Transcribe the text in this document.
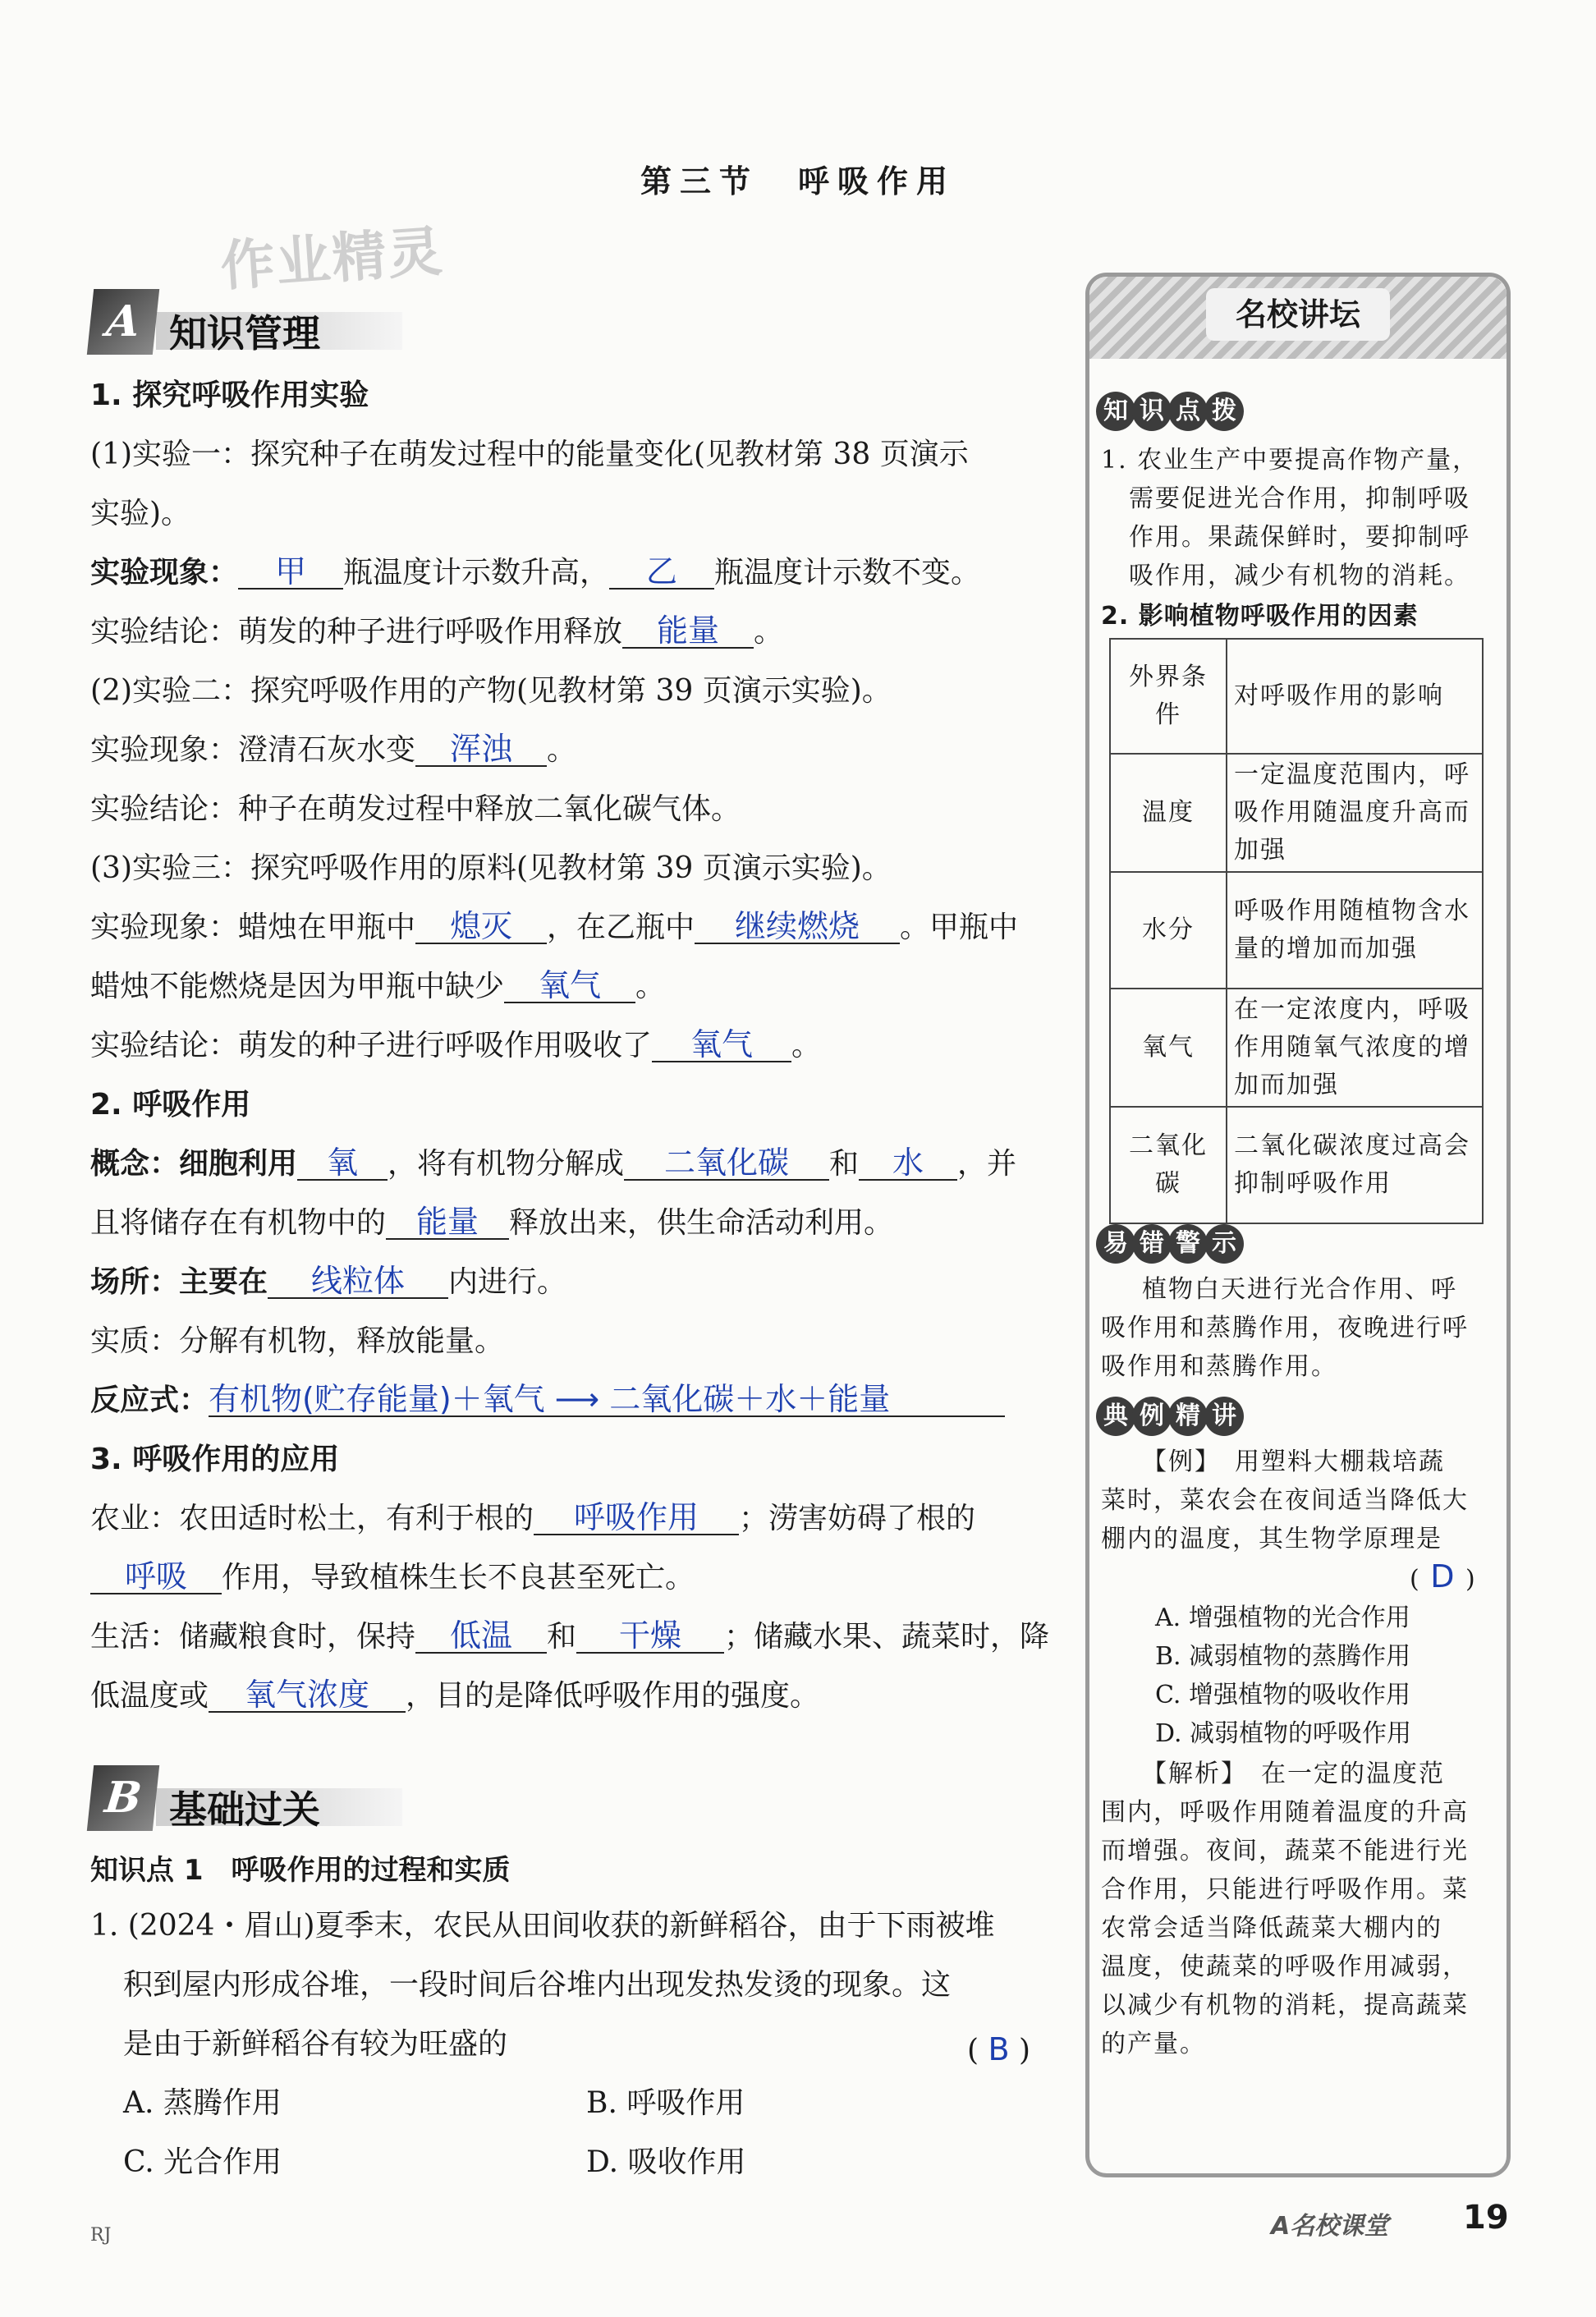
第三节　呼吸作用
作业精灵
A 知识管理
1. 探究呼吸作用实验
(1)实验一：探究种子在萌发过程中的能量变化(见教材第 38 页演示
实验)。
实验现象： 甲 瓶温度计示数升高， 乙 瓶温度计示数不变。
实验结论：萌发的种子进行呼吸作用释放 能量 。
(2)实验二：探究呼吸作用的产物(见教材第 39 页演示实验)。
实验现象：澄清石灰水变 浑浊 。
实验结论：种子在萌发过程中释放二氧化碳气体。
(3)实验三：探究呼吸作用的原料(见教材第 39 页演示实验)。
实验现象：蜡烛在甲瓶中 熄灭 ，在乙瓶中 继续燃烧 。甲瓶中
蜡烛不能燃烧是因为甲瓶中缺少 氧气 。
实验结论：萌发的种子进行呼吸作用吸收了 氧气 。
2. 呼吸作用
概念：细胞利用 氧 ，将有机物分解成 二氧化碳 和 水 ，并
且将储存在有机物中的 能量 释放出来，供生命活动利用。
场所：主要在 线粒体 内进行。
实质：分解有机物，释放能量。
反应式：有机物(贮存能量)＋氧气 ⟶ 二氧化碳＋水＋能量
3. 呼吸作用的应用
农业：农田适时松土，有利于根的 呼吸作用 ；涝害妨碍了根的
呼吸 作用，导致植株生长不良甚至死亡。
生活：储藏粮食时，保持 低温 和 干燥 ；储藏水果、蔬菜时，降
低温度或 氧气浓度 ，目的是降低呼吸作用的强度。
B 基础过关
知识点 1　呼吸作用的过程和实质
1. (2024・眉山)夏季末，农民从田间收获的新鲜稻谷，由于下雨被堆
积到屋内形成谷堆，一段时间后谷堆内出现发热发烫的现象。这
是由于新鲜稻谷有较为旺盛的	( B )
A. 蒸腾作用	B. 呼吸作用
C. 光合作用	D. 吸收作用
名校讲坛
知 识 点 拨
1. 农业生产中要提高作物产量，
需要促进光合作用，抑制呼吸
作用。果蔬保鲜时，要抑制呼
吸作用，减少有机物的消耗。
2. 影响植物呼吸作用的因素
外界条件	对呼吸作用的影响
温度	一定温度范围内，呼吸作用随温度升高而加强
水分	呼吸作用随植物含水量的增加而加强
氧气	在一定浓度内，呼吸作用随氧气浓度的增加而加强
二氧化碳	二氧化碳浓度过高会抑制呼吸作用
易 错 警 示
植物白天进行光合作用、呼
吸作用和蒸腾作用，夜晚进行呼
吸作用和蒸腾作用。
典 例 精 讲
【例】　用塑料大棚栽培蔬
菜时，菜农会在夜间适当降低大
棚内的温度，其生物学原理是
( D )
A. 增强植物的光合作用
B. 减弱植物的蒸腾作用
C. 增强植物的吸收作用
D. 减弱植物的呼吸作用
【解析】　在一定的温度范
围内，呼吸作用随着温度的升高
而增强。夜间，蔬菜不能进行光
合作用，只能进行呼吸作用。菜
农常会适当降低蔬菜大棚内的
温度，使蔬菜的呼吸作用减弱，
以减少有机物的消耗，提高蔬菜
的产量。
RJ	A名校课堂 19
